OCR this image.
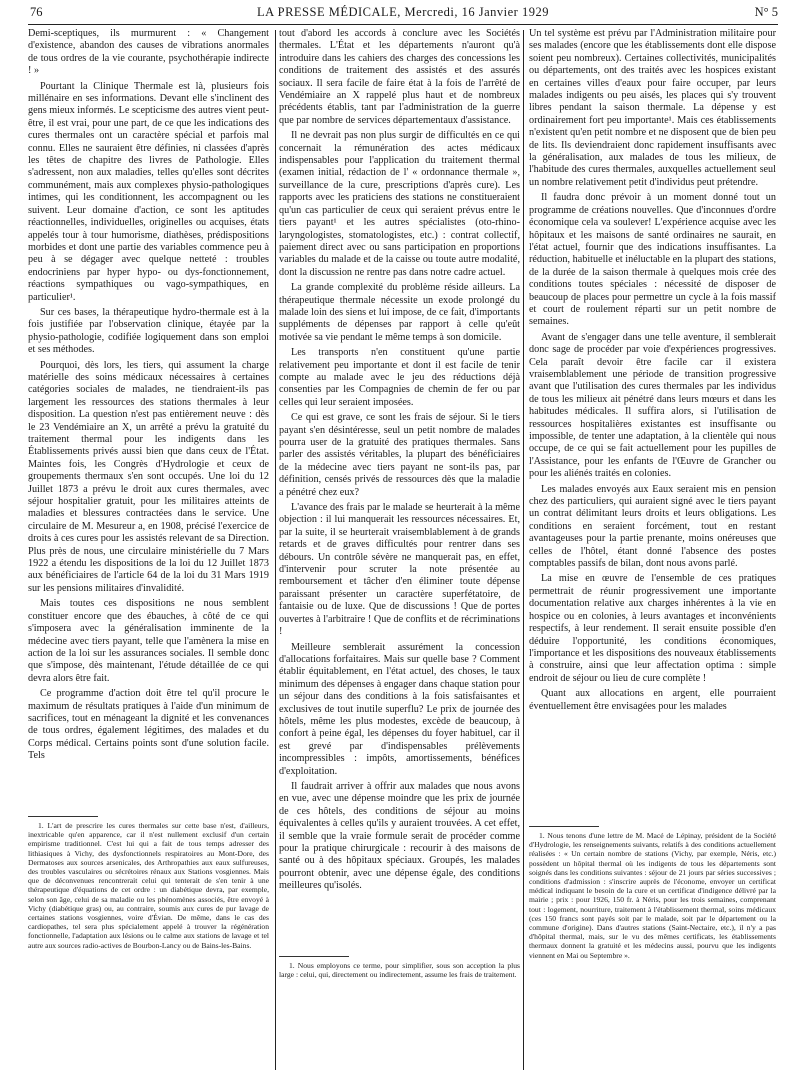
76	LA PRESSE MÉDICALE, Mercredi, 16 Janvier 1929	N° 5

Demi-sceptiques, ils murmurent : « Changement d'existence, abandon des causes de vibrations anormales de tous ordres de la vie courante, psychothérapie indirecte ! »

Pourtant la Clinique Thermale est là, plusieurs fois millénaire en ses informations. Devant elle s'inclinent des gens mieux informés. Le scepticisme des autres vient peut-être, il est vrai, pour une part, de ce que les indications des cures thermales ont un caractère spécial et parfois mal connu. Elles ne sauraient être définies, ni classées d'après les têtes de chapitre des livres de Pathologie. Elles s'adressent, non aux maladies, telles qu'elles sont décrites communément, mais aux complexes physio-pathologiques intimes, qui les conditionnent, les accompagnent ou les suivent. Leur domaine d'action, ce sont les aptitudes réactionnelles, individuelles, originelles ou acquises, états appelés tour à tour humorisme, diathèses, prédispositions morbides et dont une partie des variables commence peu à peu à se dégager avec quelque netteté : troubles endocriniens par hyper hypo- ou dys-fonctionnement, réactions sympathiques ou vago-sympathiques, en particulier¹.

Sur ces bases, la thérapeutique hydro-thermale est à la fois justifiée par l'observation clinique, étayée par la physio-pathologie, codifiée logiquement dans son emploi et ses méthodes.

Pourquoi, dès lors, les tiers, qui assument la charge matérielle des soins médicaux nécessaires à certaines catégories sociales de malades, ne tiendraient-ils pas largement les ressources des stations thermales à leur disposition. La question n'est pas entièrement neuve : dès le 23 Vendémiaire an X, un arrêté a prévu la gratuité du traitement thermal pour les indigents dans les Établissements privés aussi bien que dans ceux de l'État. Maintes fois, les Congrès d'Hydrologie et ceux de groupements thermaux s'en sont occupés. Une loi du 12 Juillet 1873 a prévu le droit aux cures thermales, avec séjour hospitalier gratuit, pour les militaires atteints de maladies et blessures contractées dans le service. Une circulaire de M. Mesureur a, en 1908, précisé l'exercice de droits à ces cures pour les assistés relevant de sa Direction. Plus près de nous, une circulaire ministérielle du 7 Mars 1922 a étendu les dispositions de la loi du 12 Juillet 1873 aux bénéficiaires de l'article 64 de la loi du 31 Mars 1919 sur les pensions militaires d'invalidité.

Mais toutes ces dispositions ne nous semblent constituer encore que des ébauches, à côté de ce qui s'imposera avec la généralisation imminente de la médecine avec tiers payant, telle que l'amènera la mise en action de la loi sur les assurances sociales. Il semble donc que s'impose, dès maintenant, l'étude détaillée de ce qui devra alors être fait.

Ce programme d'action doit être tel qu'il procure le maximum de résultats pratiques à l'aide d'un minimum de sacrifices, tout en ménageant la dignité et les convenances de tous ordres, également légitimes, des malades et du Corps médical. Certains points sont d'une solution facile. Tels

1. L'art de prescrire les cures thermales sur cette base n'est, d'ailleurs, inextricable qu'en apparence, car il n'est nullement exclusif d'un certain empirisme traditionnel. C'est lui qui a fait de tous temps adresser des lithiasiques à Vichy, des dysfonctionnels respiratoires au Mont-Dore, des Dermatoses aux sources arsenicales, des Arthropathies aux eaux sulfureuses, des troubles vasculaires ou sécrétoires rénaux aux Stations vosgiennes. Mais que de déconvenues rencontrerait celui qui tenterait de s'en tenir à une thérapeutique d'équations de cet ordre : un diabétique devra, par exemple, selon son âge, celui de sa maladie ou les phénomènes associés, être envoyé à Vichy (diabétique gras) ou, au contraire, soumis aux cures de pur lavage de certaines stations vosgiennes, voire d'Évian. De même, dans le cas des cardiopathes, tel sera plus spécialement appelé à trouver la régénération fonctionnelle, l'adaptation aux lésions ou le calme aux stations de lavage et tel autre aux sources radio-actives de Bourbon-Lancy ou de Bains-les-Bains.

tout d'abord les accords à conclure avec les Sociétés thermales. L'État et les départements n'auront qu'à introduire dans les cahiers des charges des concessions les conditions de traitement des assistés et des assurés sociaux. Il sera facile de faire état à la fois de l'arrêté de Vendémiaire an X rappelé plus haut et de nombreux précédents établis, tant par l'administration de la guerre que par nombre de services départementaux d'assistance.

Il ne devrait pas non plus surgir de difficultés en ce qui concernait la rémunération des actes médicaux indispensables pour l'application du traitement thermal (examen initial, rédaction de l' « ordonnance thermale », surveillance de la cure, prescriptions d'après cure). Les rapports avec les praticiens des stations ne constitueraient qu'un cas particulier de ceux qui seraient prévus entre le tiers payant¹ et les autres spécialistes (oto-rhino-laryngologistes, stomatologistes, etc.) : contrat collectif, paiement direct avec ou sans participation en proportions variables du malade et de la caisse ou toute autre modalité, dont la discussion ne rentre pas dans notre cadre actuel.

La grande complexité du problème réside ailleurs. La thérapeutique thermale nécessite un exode prolongé du malade loin des siens et lui impose, de ce fait, d'importants suppléments de dépenses par rapport à celle qu'eût motivée sa vie pendant le même temps à son domicile.

Les transports n'en constituent qu'une partie relativement peu importante et dont il est facile de tenir compte au malade avec le jeu des réductions déjà consenties par les Compagnies de chemin de fer ou par celles qui leur seraient imposées.

Ce qui est grave, ce sont les frais de séjour. Si le tiers payant s'en désintéresse, seul un petit nombre de malades pourra user de la gratuité des pratiques thermales. Sans parler des assistés véritables, la plupart des bénéficiaires de la médecine avec tiers payant ne sont-ils pas, par définition, censés privés de ressources dès que la maladie a pénétré chez eux?

L'avance des frais par le malade se heurterait à la même objection : il lui manquerait les ressources nécessaires. Et, par la suite, il se heurterait vraisemblablement à de grands retards et de graves difficultés pour rentrer dans ses débours. Un contrôle sévère ne manquerait pas, en effet, d'intervenir pour scruter la note présentée au remboursement et tâcher d'en éliminer toute dépense paraissant présenter un caractère superfétatoire, de fantaisie ou de luxe. Que de discussions ! Que de portes ouvertes à l'arbitraire ! Que de conflits et de récriminations !

Meilleure semblerait assurément la concession d'allocations forfaitaires. Mais sur quelle base ? Comment établir équitablement, en l'état actuel, des choses, le taux minimum des dépenses à engager dans chaque station pour un séjour dans des conditions à la fois satisfaisantes et exclusives de tout inutile superflu? Le prix de journée des hôtels, même les plus modestes, excède de beaucoup, à confort à peine égal, les dépenses du foyer habituel, car il est grevé par d'indispensables prélèvements incompressibles : impôts, amortissements, bénéfices d'exploitation.

Il faudrait arriver à offrir aux malades que nous avons en vue, avec une dépense moindre que les prix de journée de ces hôtels, des conditions de séjour au moins équivalentes à celles qu'ils y auraient trouvées. A cet effet, il semble que la vraie formule serait de procéder comme pour la pratique chirurgicale : recourir à des maisons de santé ou à des hôpitaux spéciaux. Groupés, les malades pourront obtenir, avec une dépense égale, des conditions meilleures qu'isolés.

1. Nous employons ce terme, pour simplifier, sous son acception la plus large : celui, qui, directement ou indirectement, assume les frais de traitement.

Un tel système est prévu par l'Administration militaire pour ses malades (encore que les établissements dont elle dispose soient peu nombreux). Certaines collectivités, municipalités ou départements, ont des traités avec les hospices existant en certaines villes d'eaux pour faire occuper, par leurs malades indigents ou peu aisés, les places qui s'y trouvent libres pendant la saison thermale. La dépense y est ordinairement fort peu importante¹. Mais ces établissements n'existent qu'en petit nombre et ne disposent que de bien peu de lits. Ils deviendraient donc rapidement insuffisants avec la généralisation, aux malades de tous les milieux, de l'habitude des cures thermales, auxquelles actuellement seul un nombre relativement petit d'individus peut prétendre.

Il faudra donc prévoir à un moment donné tout un programme de créations nouvelles. Que d'inconnues d'ordre économique cela va soulever! L'expérience acquise avec les hôpitaux et les maisons de santé ordinaires ne saurait, en l'état actuel, fournir que des indications insuffisantes. La réduction, habituelle et inéluctable en la plupart des stations, de la durée de la saison thermale à quelques mois crée des conditions toutes spéciales : nécessité de disposer de beaucoup de places pour permettre un cycle à la fois massif et court de roulement réparti sur un petit nombre de semaines.

Avant de s'engager dans une telle aventure, il semblerait donc sage de procéder par voie d'expériences progressives. Cela paraît devoir être facile car il existera vraisemblablement une période de transition progressive avant que l'utilisation des cures thermales par les individus de tous les milieux ait pénétré dans leurs mœurs et dans les habitudes médicales. Il suffira alors, si l'utilisation de ressources hospitalières existantes est insuffisante ou impossible, de tenter une adaptation, à la clientèle qui nous occupe, de ce qui se fait actuellement pour les pupilles de l'Assistance, pour les enfants de l'Œuvre de Grancher ou pour les aliénés traités en colonies.

Les malades envoyés aux Eaux seraient mis en pension chez des particuliers, qui auraient signé avec le tiers payant un contrat délimitant leurs droits et leurs obligations. Les conditions en seraient forcément, tout en restant avantageuses pour la partie prenante, moins onéreuses que celles de l'hôtel, étant donné l'absence des postes comptables passifs de bilan, dont nous avons parlé.

La mise en œuvre de l'ensemble de ces pratiques permettrait de réunir progressivement une importante documentation relative aux charges inhérentes à la vie en hospice ou en colonies, à leurs avantages et inconvénients respectifs, à leur rendement. Il serait ensuite possible d'en déduire l'opportunité, les conditions économiques, l'importance et les dispositions des nouveaux établissements à construire, ainsi que leur affectation optima : simple endroit de séjour ou lieu de cure complète !

Quant aux allocations en argent, elle pourraient éventuellement être envisagées pour les malades

1. Nous tenons d'une lettre de M. Macé de Lépinay, président de la Société d'Hydrologie, les renseignements suivants, relatifs à des conditions actuellement réalisées : « Un certain nombre de stations (Vichy, par exemple, Néris, etc.) possèdent un hôpital thermal où les indigents de tous les départements sont soignés dans les conditions suivantes : séjour de 21 jours par séries successives ; conditions d'admission : s'inscrire auprès de l'économe, envoyer un certificat médical indiquant le besoin de la cure et un certificat d'indigence délivré par la mairie ; prix : pour 1926, 150 fr. à Néris, pour les trois semaines, comprenant tout : logement, nourriture, traitement à l'établissement thermal, soins médicaux (ces 150 francs sont payés soit par le malade, soit par le département ou la commune d'origine). Dans d'autres stations (Saint-Nectaire, etc.), il n'y a pas d'hôpital thermal, mais, sur le vu des mêmes certificats, les établissements thermaux donnent la gratuité et les médecins aussi, pourvu que les indigents viennent en Mai ou Septembre ».
